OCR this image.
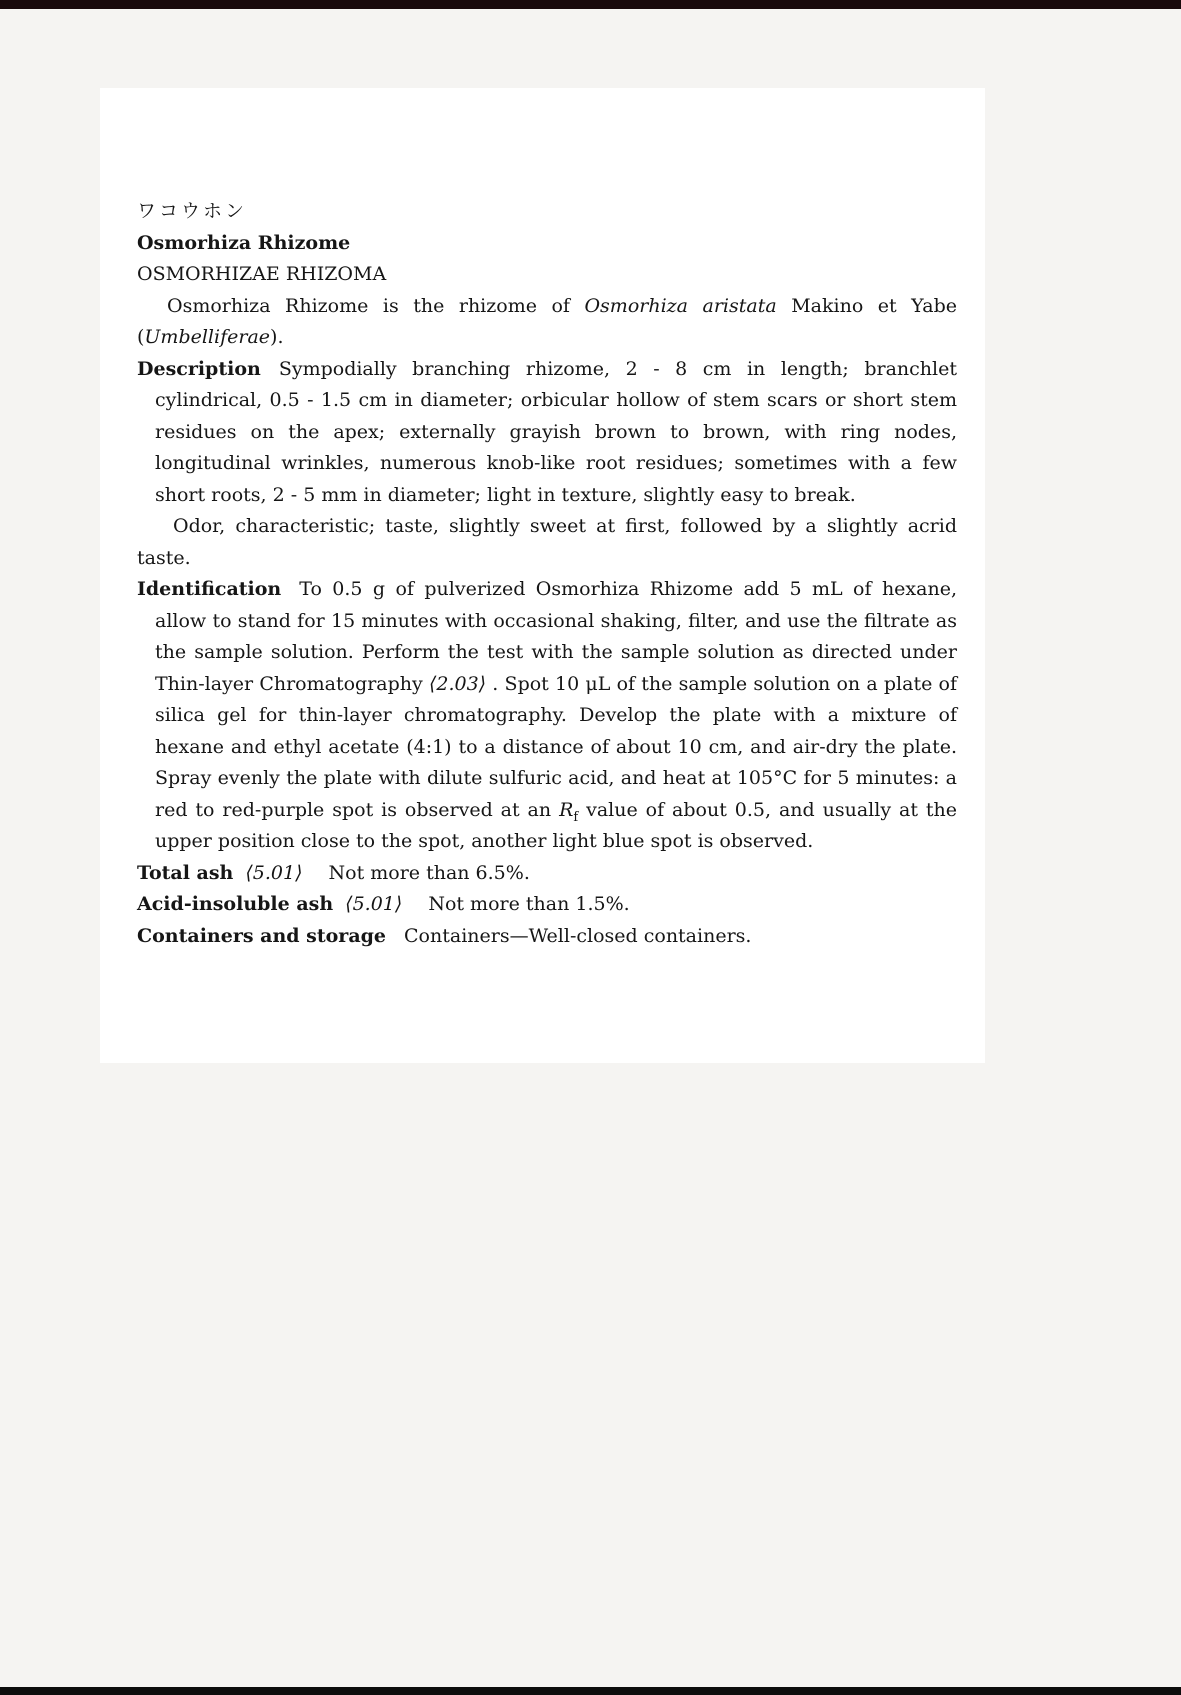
ワコウホン

Osmorhiza Rhizome

OSMORHIZAE RHIZOMA

Osmorhiza Rhizome is the rhizome of Osmorhiza aristata Makino et Yabe (Umbelliferae).

Description Sympodially branching rhizome, 2 - 8 cm in length; branchlet cylindrical, 0.5 - 1.5 cm in diameter; orbicular hollow of stem scars or short stem residues on the apex; externally grayish brown to brown, with ring nodes, longitudinal wrinkles, numerous knob-like root residues; sometimes with a few short roots, 2 - 5 mm in diameter; light in texture, slightly easy to break.

Odor, characteristic; taste, slightly sweet at first, followed by a slightly acrid taste.

Identification To 0.5 g of pulverized Osmorhiza Rhizome add 5 mL of hexane, allow to stand for 15 minutes with occasional shaking, filter, and use the filtrate as the sample solution. Perform the test with the sample solution as directed under Thin-layer Chromatography ⟨2.03⟩ . Spot 10 μL of the sample solution on a plate of silica gel for thin-layer chromatography. Develop the plate with a mixture of hexane and ethyl acetate (4:1) to a distance of about 10 cm, and air-dry the plate. Spray evenly the plate with dilute sulfuric acid, and heat at 105°C for 5 minutes: a red to red-purple spot is observed at an $R_f$ value of about 0.5, and usually at the upper position close to the spot, another light blue spot is observed.

Total ash ⟨5.01⟩ Not more than 6.5%.

Acid-insoluble ash ⟨5.01⟩ Not more than 1.5%.

Containers and storage Containers—Well-closed containers.
